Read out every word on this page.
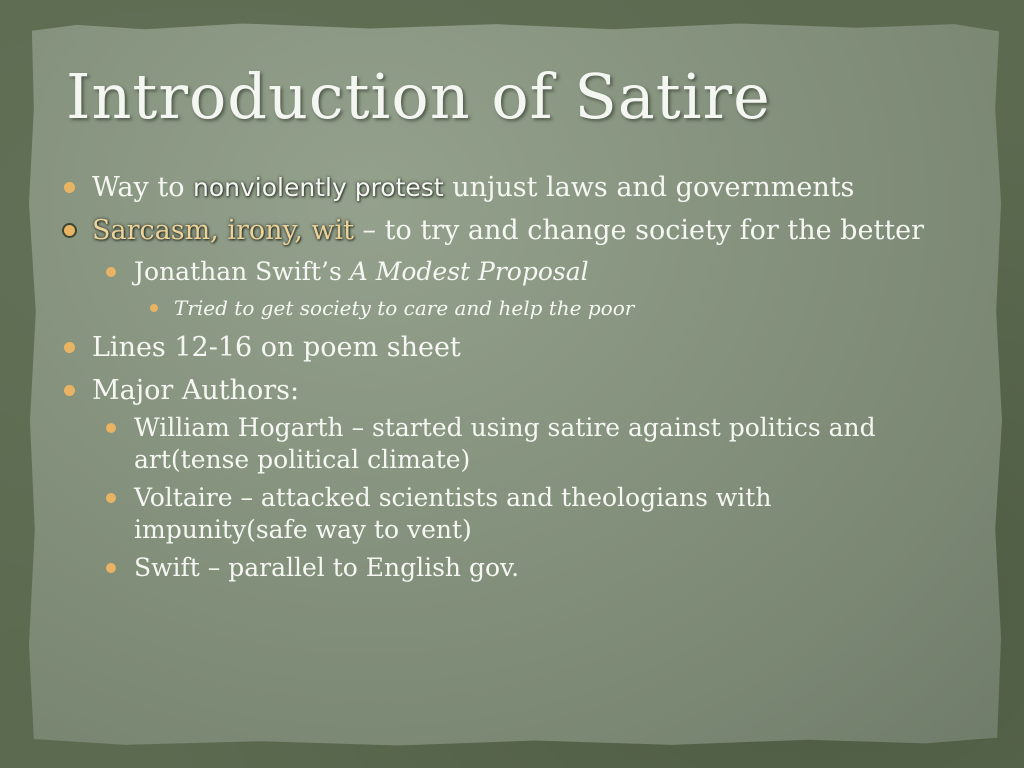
Introduction of Satire
Way to nonviolently protest unjust laws and governments
Sarcasm, irony, wit – to try and change society for the better
Jonathan Swift’s A Modest Proposal
Tried to get society to care and help the poor
Lines 12-16 on poem sheet
Major Authors:
William Hogarth – started using satire against politics and art(tense political climate)
Voltaire – attacked scientists and theologians with impunity(safe way to vent)
Swift – parallel to English gov.
